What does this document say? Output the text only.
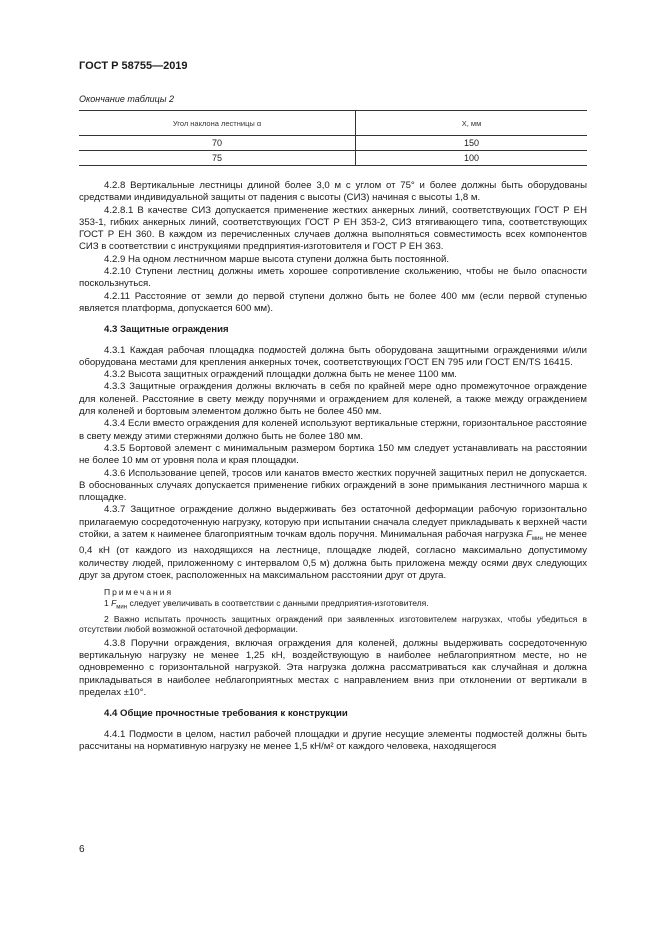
ГОСТ Р 58755—2019
Окончание таблицы 2
Угол наклона лестницы α	X, мм
70	150
75	100

4.2.8 Вертикальные лестницы длиной более 3,0 м с углом от 75° и более должны быть оборудованы средствами индивидуальной защиты от падения с высоты (СИЗ) начиная с высоты 1,8 м.

4.2.8.1 В качестве СИЗ допускается применение жестких анкерных линий, соответствующих ГОСТ Р ЕН 353-1, гибких анкерных линий, соответствующих ГОСТ Р ЕН 353-2, СИЗ втягивающего типа, соответствующих ГОСТ Р ЕН 360. В каждом из перечисленных случаев должна выполняться совместимость всех компонентов СИЗ в соответствии с инструкциями предприятия-изготовителя и ГОСТ Р ЕН 363.

4.2.9 На одном лестничном марше высота ступени должна быть постоянной.

4.2.10 Ступени лестниц должны иметь хорошее сопротивление скольжению, чтобы не было опасности поскользнуться.

4.2.11 Расстояние от земли до первой ступени должно быть не более 400 мм (если первой ступенью является платформа, допускается 600 мм).

4.3 Защитные ограждения

4.3.1 Каждая рабочая площадка подмостей должна быть оборудована защитными ограждениями и/или оборудована местами для крепления анкерных точек, соответствующих ГОСТ EN 795 или ГОСТ EN/TS 16415.

4.3.2 Высота защитных ограждений площадки должна быть не менее 1100 мм.

4.3.3 Защитные ограждения должны включать в себя по крайней мере одно промежуточное ограждение для коленей. Расстояние в свету между поручнями и ограждением для коленей, а также между ограждением для коленей и бортовым элементом должно быть не более 450 мм.

4.3.4 Если вместо ограждения для коленей используют вертикальные стержни, горизонтальное расстояние в свету между этими стержнями должно быть не более 180 мм.

4.3.5 Бортовой элемент с минимальным размером бортика 150 мм следует устанавливать на расстоянии не более 10 мм от уровня пола и края площадки.

4.3.6 Использование цепей, тросов или канатов вместо жестких поручней защитных перил не допускается. В обоснованных случаях допускается применение гибких ограждений в зоне примыкания лестничного марша к площадке.

4.3.7 Защитное ограждение должно выдерживать без остаточной деформации рабочую горизонтально прилагаемую сосредоточенную нагрузку, которую при испытании сначала следует прикладывать к верхней части стойки, а затем к наименее благоприятным точкам вдоль поручня. Минимальная рабочая нагрузка $F_{мин}$ не менее 0,4 кН (от каждого из находящихся на лестнице, площадке людей, согласно максимально допустимому количеству людей, приложенному с интервалом 0,5 м) должна быть приложена между осями двух следующих друг за другом стоек, расположенных на максимальном расстоянии друг от друга.

Примечания

1 $F_{мин}$ следует увеличивать в соответствии с данными предприятия-изготовителя.

2 Важно испытать прочность защитных ограждений при заявленных изготовителем нагрузках, чтобы убедиться в отсутствии любой возможной остаточной деформации.

4.3.8 Поручни ограждения, включая ограждения для коленей, должны выдерживать сосредоточенную вертикальную нагрузку не менее 1,25 кН, воздействующую в наиболее неблагоприятном месте, но не одновременно с горизонтальной нагрузкой. Эта нагрузка должна рассматриваться как случайная и должна прикладываться в наиболее неблагоприятных местах с направлением вниз при отклонении от вертикали в пределах ±10°.

4.4 Общие прочностные требования к конструкции

4.4.1 Подмости в целом, настил рабочей площадки и другие несущие элементы подмостей должны быть рассчитаны на нормативную нагрузку не менее 1,5 кН/м² от каждого человека, находящегося

6
